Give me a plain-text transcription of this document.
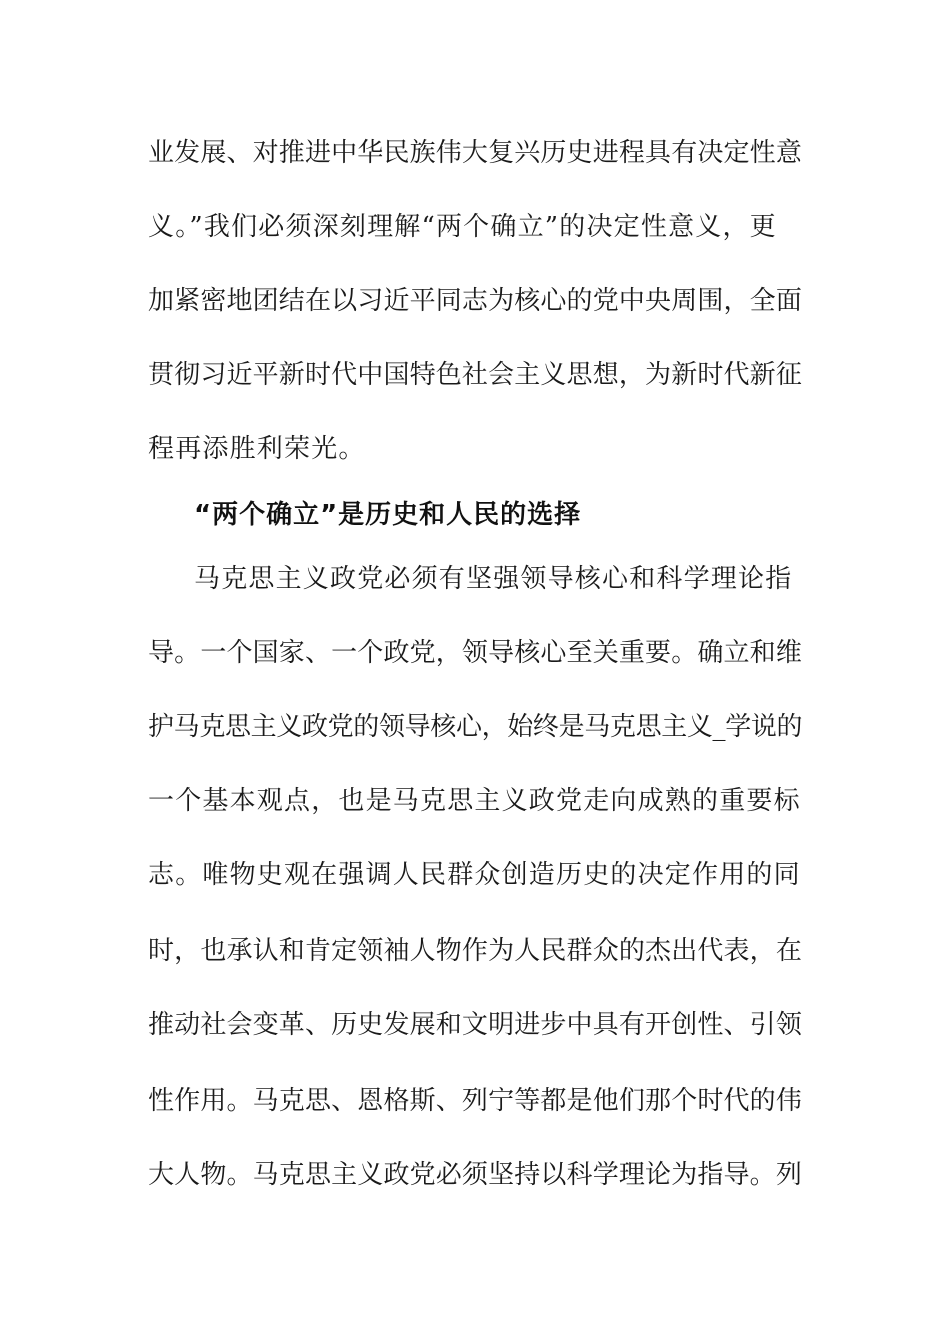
业发展、对推进中华民族伟大复兴历史进程具有决定性意
义。”我们必须深刻理解“两个确立”的决定性意义，更
加紧密地团结在以习近平同志为核心的党中央周围，全面
贯彻习近平新时代中国特色社会主义思想，为新时代新征
程再添胜利荣光。
“两个确立”是历史和人民的选择
马克思主义政党必须有坚强领导核心和科学理论指
导。一个国家、一个政党，领导核心至关重要。确立和维
护马克思主义政党的领导核心，始终是马克思主义_学说的
一个基本观点，也是马克思主义政党走向成熟的重要标
志。唯物史观在强调人民群众创造历史的决定作用的同
时，也承认和肯定领袖人物作为人民群众的杰出代表，在
推动社会变革、历史发展和文明进步中具有开创性、引领
性作用。马克思、恩格斯、列宁等都是他们那个时代的伟
大人物。马克思主义政党必须坚持以科学理论为指导。列
